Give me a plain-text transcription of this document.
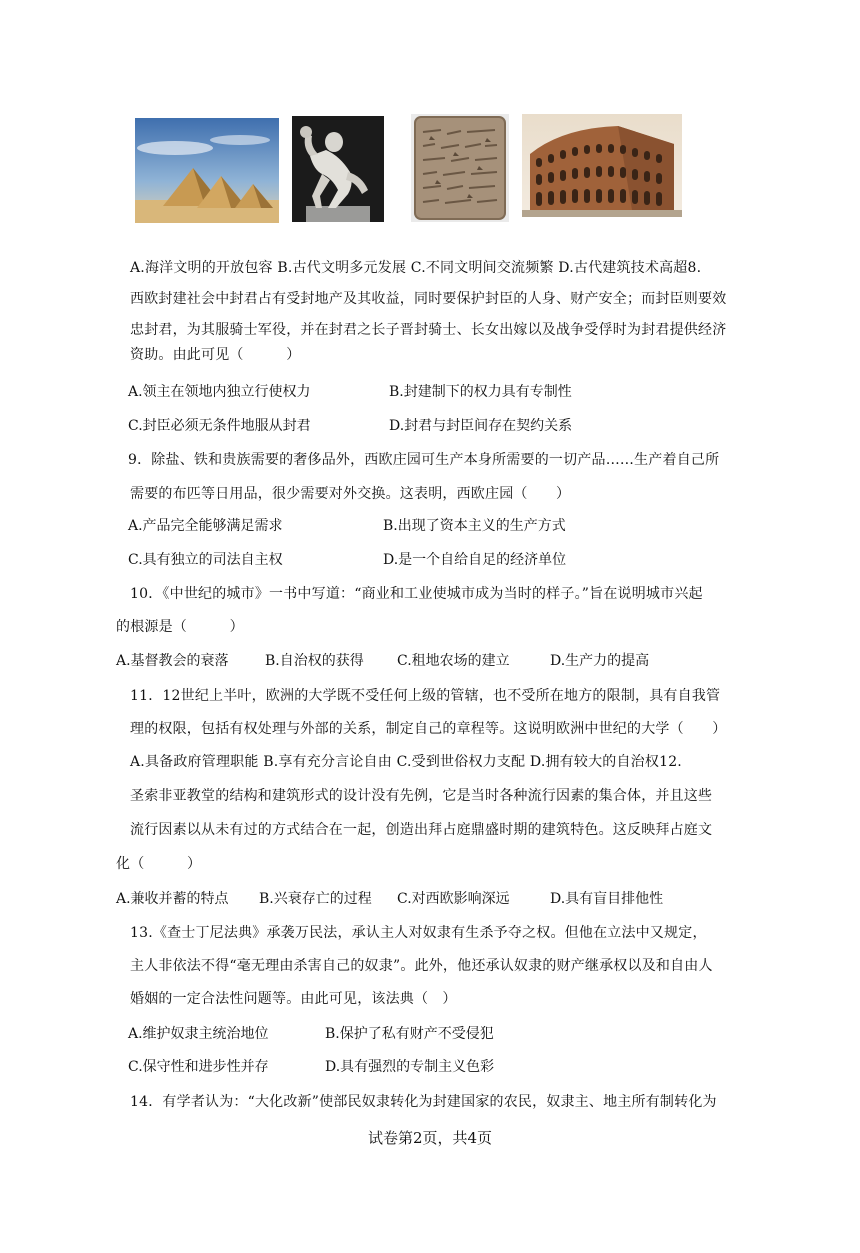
A.海洋文明的开放包容 B.古代文明多元发展 C.不同文明间交流频繁 D.古代建筑技术高超8.
西欧封建社会中封君占有受封地产及其收益，同时要保护封臣的人身、财产安全；而封臣则要效
忠封君，为其服骑士军役，并在封君之长子晋封骑士、长女出嫁以及战争受俘时为封君提供经济
资助。由此可见（　　　）
A.领主在领地内独立行使权力	B.封建制下的权力具有专制性
C.封臣必须无条件地服从封君	D.封君与封臣间存在契约关系
9．除盐、铁和贵族需要的奢侈品外，西欧庄园可生产本身所需要的一切产品……生产着自己所
需要的布匹等日用品，很少需要对外交换。这表明，西欧庄园（　　）
A.产品完全能够满足需求	B.出现了资本主义的生产方式
C.具有独立的司法自主权	D.是一个自给自足的经济单位
10．《中世纪的城市》一书中写道：“商业和工业使城市成为当时的样子。”旨在说明城市兴起
的根源是（　　　）
A.基督教会的衰落	B.自治权的获得 C.租地农场的建立	D.生产力的提高
11．12世纪上半叶，欧洲的大学既不受任何上级的管辖，也不受所在地方的限制，具有自我管
理的权限，包括有权处理与外部的关系，制定自己的章程等。这说明欧洲中世纪的大学（　　）
A.具备政府管理职能 B.享有充分言论自由 C.受到世俗权力支配 D.拥有较大的自治权12.
圣索非亚教堂的结构和建筑形式的设计没有先例，它是当时各种流行因素的集合体，并且这些
流行因素以从未有过的方式结合在一起，创造出拜占庭鼎盛时期的建筑特色。这反映拜占庭文
化（　　　）
A.兼收并蓄的特点 B.兴衰存亡的过程 C.对西欧影响深远	D.具有盲目排他性
13.《查士丁尼法典》承袭万民法，承认主人对奴隶有生杀予夺之权。但他在立法中又规定，
主人非依法不得“毫无理由杀害自己的奴隶”。此外，他还承认奴隶的财产继承权以及和自由人
婚姻的一定合法性问题等。由此可见，该法典（　）
A.维护奴隶主统治地位	B.保护了私有财产不受侵犯
C.保守性和进步性并存	D.具有强烈的专制主义色彩
14．有学者认为：“大化改新”使部民奴隶转化为封建国家的农民，奴隶主、地主所有制转化为
试卷第2页，共4页
